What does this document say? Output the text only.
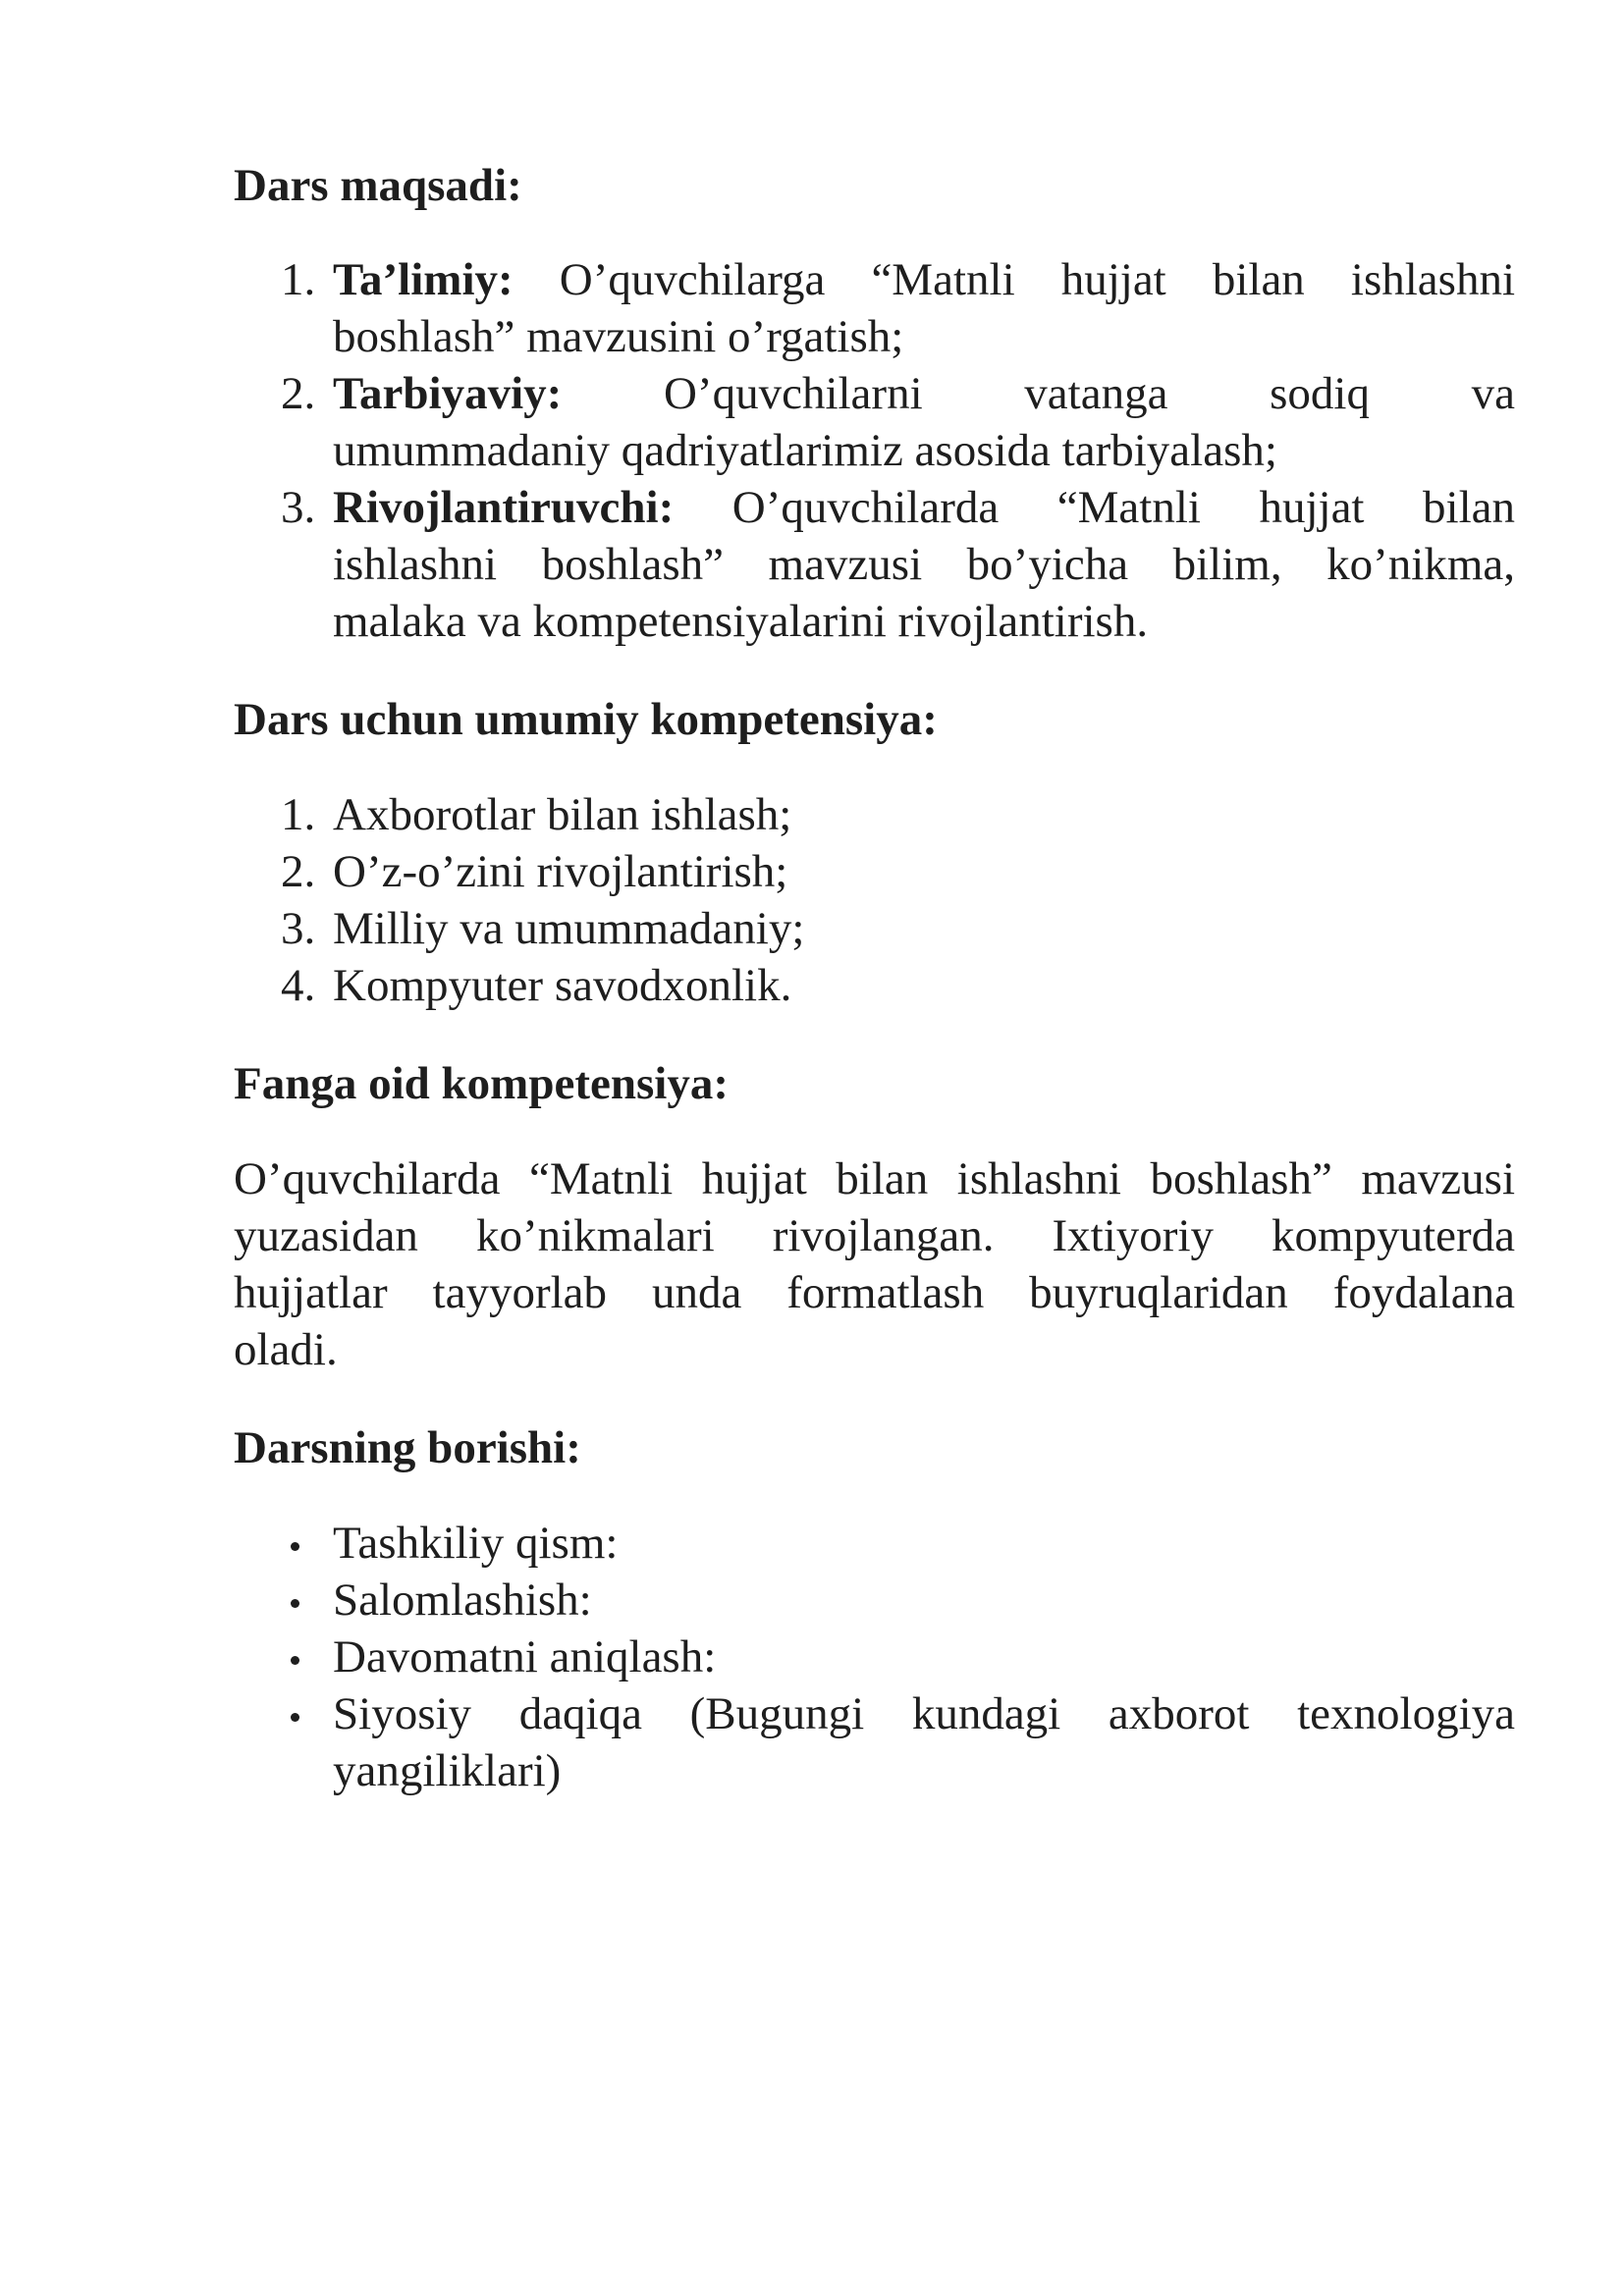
Dars maqsadi:
1. Ta’limiy: O’quvchilarga “Matnli hujjat bilan ishlashni
boshlash” mavzusini o’rgatish;
2. Tarbiyaviy: O’quvchilarni vatanga sodiq va
umummadaniy qadriyatlarimiz asosida tarbiyalash;
3. Rivojlantiruvchi: O’quvchilarda “Matnli hujjat bilan
ishlashni boshlash” mavzusi bo’yicha bilim, ko’nikma,
malaka va kompetensiyalarini rivojlantirish.
Dars uchun umumiy kompetensiya:
1. Axborotlar bilan ishlash;
2. O’z-o’zini rivojlantirish;
3. Milliy va umummadaniy;
4. Kompyuter savodxonlik.
Fanga oid kompetensiya:
O’quvchilarda “Matnli hujjat bilan ishlashni boshlash” mavzusi
yuzasidan ko’nikmalari rivojlangan. Ixtiyoriy kompyuterda
hujjatlar tayyorlab unda formatlash buyruqlaridan foydalana
oladi.
Darsning borishi:
Tashkiliy qism:
Salomlashish:
Davomatni aniqlash:
Siyosiy daqiqa (Bugungi kundagi axborot texnologiya
yangiliklari)
